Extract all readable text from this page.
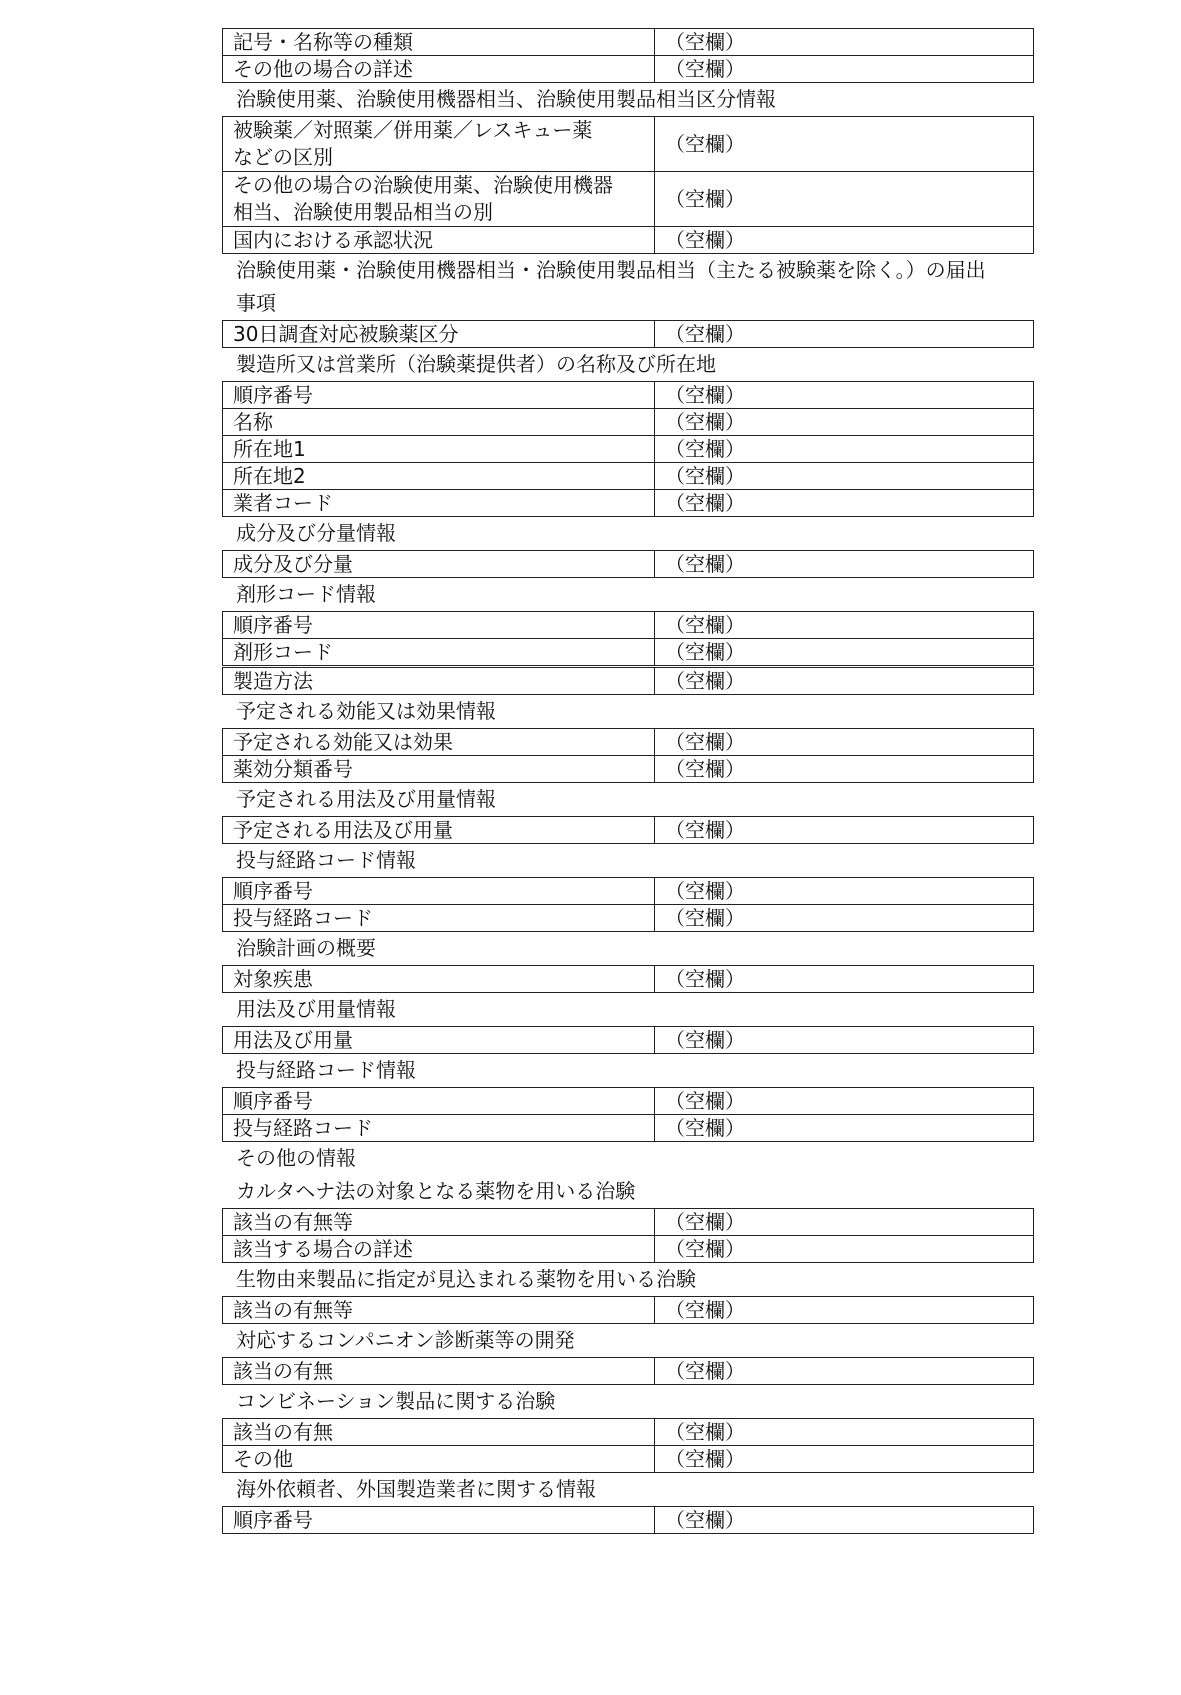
記号・名称等の種類	（空欄）
その他の場合の詳述	（空欄）
治験使用薬、治験使用機器相当、治験使用製品相当区分情報
被験薬／対照薬／併用薬／レスキュー薬
などの区別	（空欄）

その他の場合の治験使用薬、治験使用機器
相当、治験使用製品相当の別	（空欄）
国内における承認状況	（空欄）
治験使用薬・治験使用機器相当・治験使用製品相当（主たる被験薬を除く。）の届出
事項
30日調査対応被験薬区分	（空欄）
製造所又は営業所（治験薬提供者）の名称及び所在地
順序番号	（空欄）
名称	（空欄）
所在地1	（空欄）
所在地2	（空欄）
業者コード	（空欄）
成分及び分量情報
成分及び分量	（空欄）
剤形コード情報
順序番号	（空欄）
剤形コード	（空欄）
製造方法	（空欄）
予定される効能又は効果情報
予定される効能又は効果	（空欄）
薬効分類番号	（空欄）
予定される用法及び用量情報
予定される用法及び用量	（空欄）
投与経路コード情報
順序番号	（空欄）
投与経路コード	（空欄）
治験計画の概要
対象疾患	（空欄）
用法及び用量情報
用法及び用量	（空欄）
投与経路コード情報
順序番号	（空欄）
投与経路コード	（空欄）
その他の情報
カルタヘナ法の対象となる薬物を用いる治験
該当の有無等	（空欄）
該当する場合の詳述	（空欄）
生物由来製品に指定が見込まれる薬物を用いる治験
該当の有無等	（空欄）
対応するコンパニオン診断薬等の開発
該当の有無	（空欄）
コンビネーション製品に関する治験
該当の有無	（空欄）
その他	（空欄）
海外依頼者、外国製造業者に関する情報
順序番号	（空欄）
